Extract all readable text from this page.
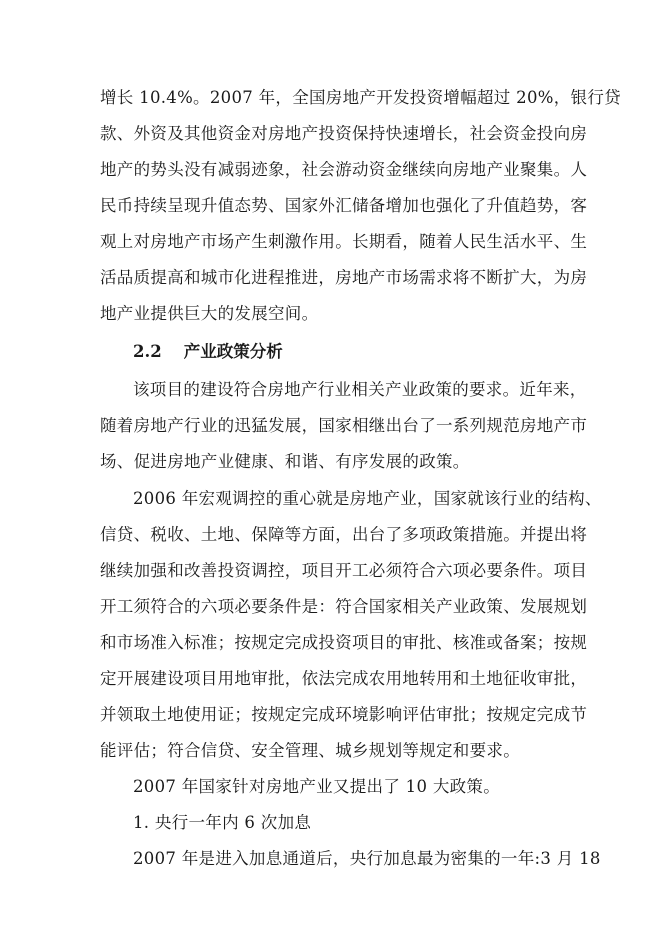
增长 10.4%。2007 年，全国房地产开发投资增幅超过 20%，银行贷
款、外资及其他资金对房地产投资保持快速增长，社会资金投向房
地产的势头没有减弱迹象，社会游动资金继续向房地产业聚集。人
民币持续呈现升值态势、国家外汇储备增加也强化了升值趋势，客
观上对房地产市场产生刺激作用。长期看，随着人民生活水平、生
活品质提高和城市化进程推进，房地产市场需求将不断扩大，为房
地产业提供巨大的发展空间。
2.2 产业政策分析
该项目的建设符合房地产行业相关产业政策的要求。近年来，
随着房地产行业的迅猛发展，国家相继出台了一系列规范房地产市
场、促进房地产业健康、和谐、有序发展的政策。
2006 年宏观调控的重心就是房地产业，国家就该行业的结构、
信贷、税收、土地、保障等方面，出台了多项政策措施。并提出将
继续加强和改善投资调控，项目开工必须符合六项必要条件。项目
开工须符合的六项必要条件是：符合国家相关产业政策、发展规划
和市场准入标准；按规定完成投资项目的审批、核准或备案；按规
定开展建设项目用地审批，依法完成农用地转用和土地征收审批，
并领取土地使用证；按规定完成环境影响评估审批；按规定完成节
能评估；符合信贷、安全管理、城乡规划等规定和要求。
2007 年国家针对房地产业又提出了 10 大政策。
1. 央行一年内 6 次加息
2007 年是进入加息通道后，央行加息最为密集的一年:3 月 18
